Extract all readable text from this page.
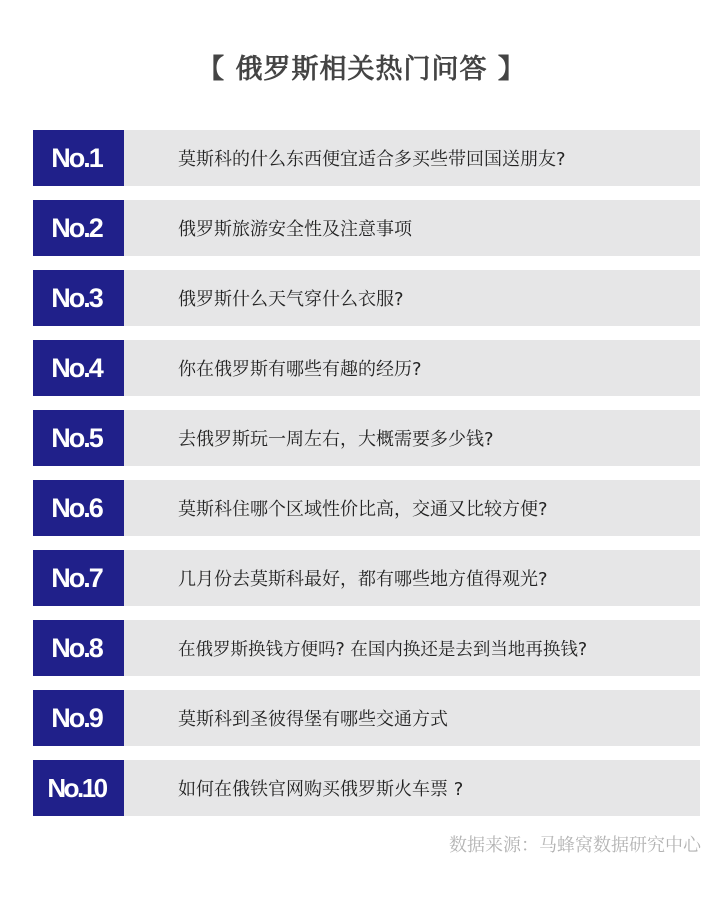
【 俄罗斯相关热门问答 】
No.1	莫斯科的什么东西便宜适合多买些带回国送朋友?
No.2	俄罗斯旅游安全性及注意事项
No.3	俄罗斯什么天气穿什么衣服?
No.4	你在俄罗斯有哪些有趣的经历?
No.5	去俄罗斯玩一周左右，大概需要多少钱?
No.6	莫斯科住哪个区域性价比高，交通又比较方便?
No.7	几月份去莫斯科最好，都有哪些地方值得观光?
No.8	在俄罗斯换钱方便吗? 在国内换还是去到当地再换钱?
No.9	莫斯科到圣彼得堡有哪些交通方式
No.10	如何在俄铁官网购买俄罗斯火车票 ?
数据来源：马蜂窝数据研究中心
